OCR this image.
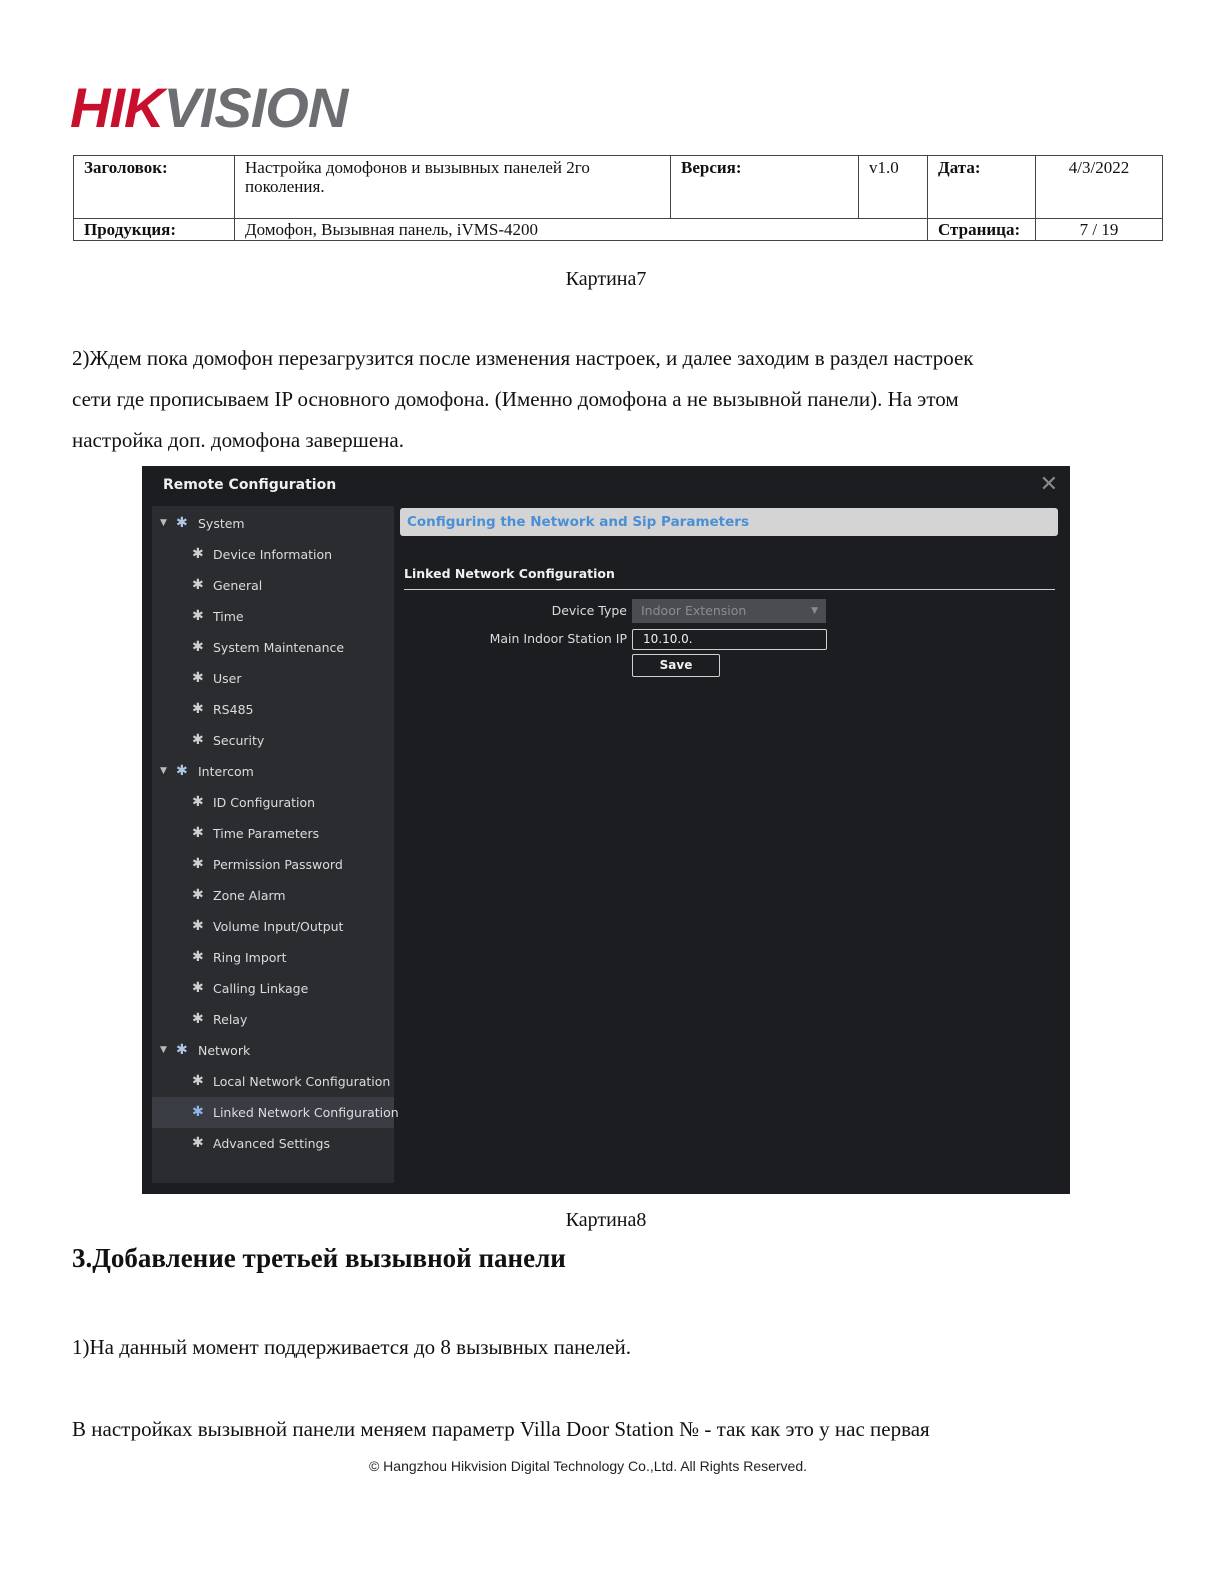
HIKVISION
Заголовок:	Настройка домофонов и вызывных панелей 2го поколения.	Версия:	v1.0	Дата:	4/3/2022
Продукция:	Домофон, Вызывная панель, iVMS-4200			Страница:	7 / 19
Картина7
2)Ждем пока домофон перезагрузится после изменения настроек, и далее заходим в раздел настроек
сети где прописываем IP основного домофона. (Именно домофона а не вызывной панели). На этом
настройка доп. домофона завершена.
Remote Configuration	✕
▼ ✱ System
✱ Device Information
✱ General
✱ Time
✱ System Maintenance
✱ User
✱ RS485
✱ Security
▼ ✱ Intercom
✱ ID Configuration
✱ Time Parameters
✱ Permission Password
✱ Zone Alarm
✱ Volume Input/Output
✱ Ring Import
✱ Calling Linkage
✱ Relay
▼ ✱ Network
✱ Local Network Configuration
✱ Linked Network Configuration
✱ Advanced Settings
Configuring the Network and Sip Parameters
Linked Network Configuration
Device Type	Indoor Extension	▼
Main Indoor Station IP	10.10.0.
Save
Картина8
3.Добавление третьей вызывной панели
1)На данный момент поддерживается до 8 вызывных панелей.
В настройках вызывной панели меняем параметр Villa Door Station № - так как это у нас первая
© Hangzhou Hikvision Digital Technology Co.,Ltd. All Rights Reserved.
